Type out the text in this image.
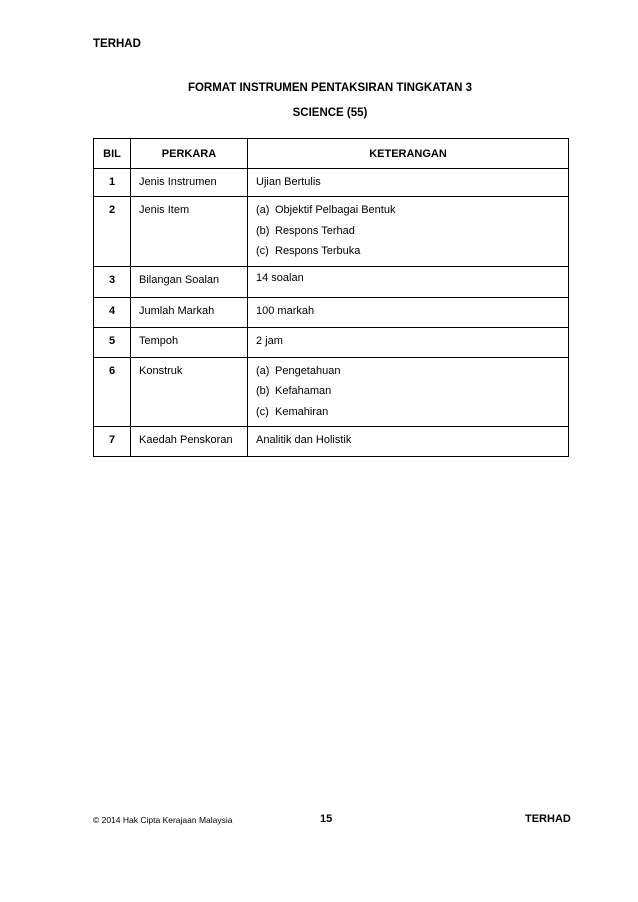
TERHAD
FORMAT INSTRUMEN PENTAKSIRAN TINGKATAN 3
SCIENCE (55)
BIL	PERKARA	KETERANGAN

1	Jenis Instrumen	Ujian Bertulis

2	Jenis Item	(a) Objektif Pelbagai Bentuk
(b) Respons Terhad
(c) Respons Terbuka

3	Bilangan Soalan	14 soalan

4	Jumlah Markah	100 markah

5	Tempoh	2 jam

6	Konstruk	(a) Pengetahuan
(b) Kefahaman
(c) Kemahiran

7	Kaedah Penskoran	Analitik dan Holistik
© 2014 Hak Cipta Kerajaan Malaysia	15	TERHAD
